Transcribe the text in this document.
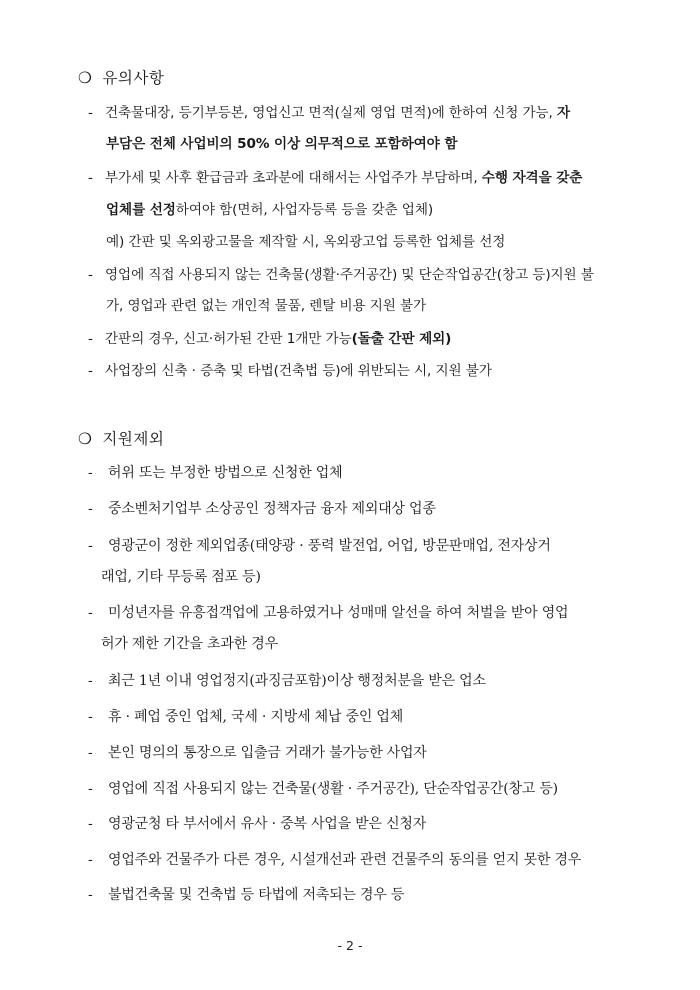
❍ 유의사항
- 건축물대장, 등기부등본, 영업신고 면적(실제 영업 면적)에 한하여 신청 가능, 자
부담은 전체 사업비의 50% 이상 의무적으로 포함하여야 함
- 부가세 및 사후 환급금과 초과분에 대해서는 사업주가 부담하며, 수행 자격을 갖춘
업체를 선정하여야 함(면허, 사업자등록 등을 갖춘 업체)
예) 간판 및 옥외광고물을 제작할 시, 옥외광고업 등록한 업체를 선정
- 영업에 직접 사용되지 않는 건축물(생활·주거공간) 및 단순작업공간(창고 등)지원 불
가, 영업과 관련 없는 개인적 물품, 렌탈 비용 지원 불가
- 간판의 경우, 신고·허가된 간판 1개만 가능(돌출 간판 제외)
- 사업장의 신축 · 증축 및 타법(건축법 등)에 위반되는 시, 지원 불가
❍ 지원제외
- 허위 또는 부정한 방법으로 신청한 업체
- 중소벤처기업부 소상공인 정책자금 융자 제외대상 업종
- 영광군이 정한 제외업종(태양광 · 풍력 발전업, 어업, 방문판매업, 전자상거
래업, 기타 무등록 점포 등)
- 미성년자를 유흥접객업에 고용하였거나 성매매 알선을 하여 처벌을 받아 영업
허가 제한 기간을 초과한 경우
- 최근 1년 이내 영업정지(과징금포함)이상 행정처분을 받은 업소
- 휴 · 폐업 중인 업체, 국세 · 지방세 체납 중인 업체
- 본인 명의의 통장으로 입출금 거래가 불가능한 사업자
- 영업에 직접 사용되지 않는 건축물(생활 · 주거공간), 단순작업공간(창고 등)
- 영광군청 타 부서에서 유사 · 중복 사업을 받은 신청자
- 영업주와 건물주가 다른 경우, 시설개선과 관련 건물주의 동의를 얻지 못한 경우
- 불법건축물 및 건축법 등 타법에 저촉되는 경우 등
- 2 -
